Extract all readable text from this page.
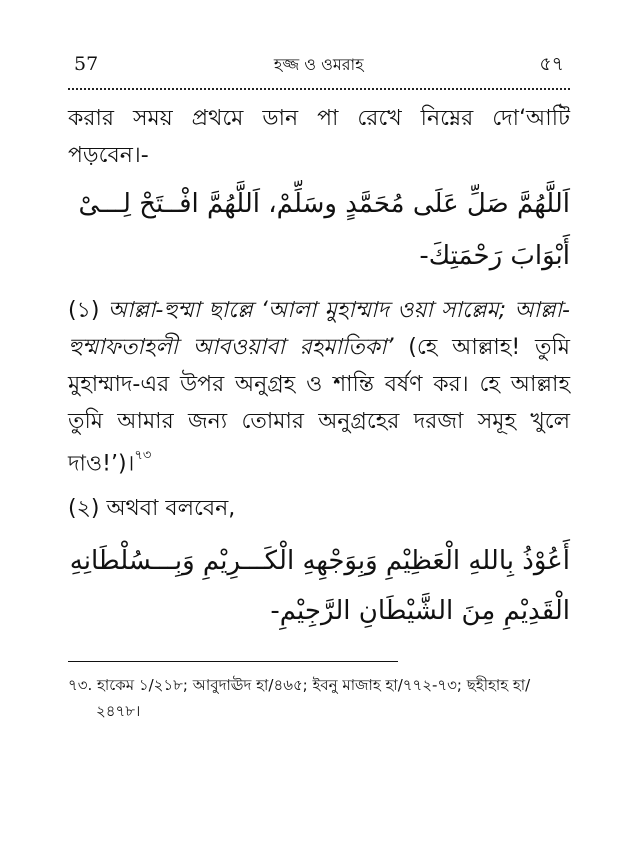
57	হজ্জ ও ওমরাহ	৫৭
করার সময় প্রথমে ডান পা রেখে নিম্নের দো‘আটি পড়বেন।-
اَللَّهُمَّ صَلِّ عَلَى مُحَمَّدٍ وسَلِّمْ، اَللَّهُمَّ افْــتَحْ لِـــىْ
أَبْوَابَ رَحْمَتِكَ-
(১) আল্লা-হুম্মা ছাল্লে ‘আলা মুহাম্মাদ ওয়া সাল্লেম; আল্লা-হুম্মাফতাহলী আবওয়াবা রহমাতিকা’ (হে আল্লাহ! তুমি মুহাম্মাদ-এর উপর অনুগ্রহ ও শান্তি বর্ষণ কর। হে আল্লাহ তুমি আমার জন্য তোমার অনুগ্রহের দরজা সমূহ খুলে দাও!’)।$^{৭৩}$
(২) অথবা বলবেন,
أَعُوْذُ بِاللهِ الْعَظِيْمِ وَبِوَجْهِهِ الْكَـــرِيْمِ وَبِـــسُلْطَانِهِ
الْقَدِيْمِ مِنَ الشَّيْطَانِ الرَّجِيْمِ-
৭৩. হাকেম ১/২১৮; আবুদাঊদ হা/৪৬৫; ইবনু মাজাহ হা/৭৭২-৭৩; ছহীহাহ হা/২৪৭৮।
